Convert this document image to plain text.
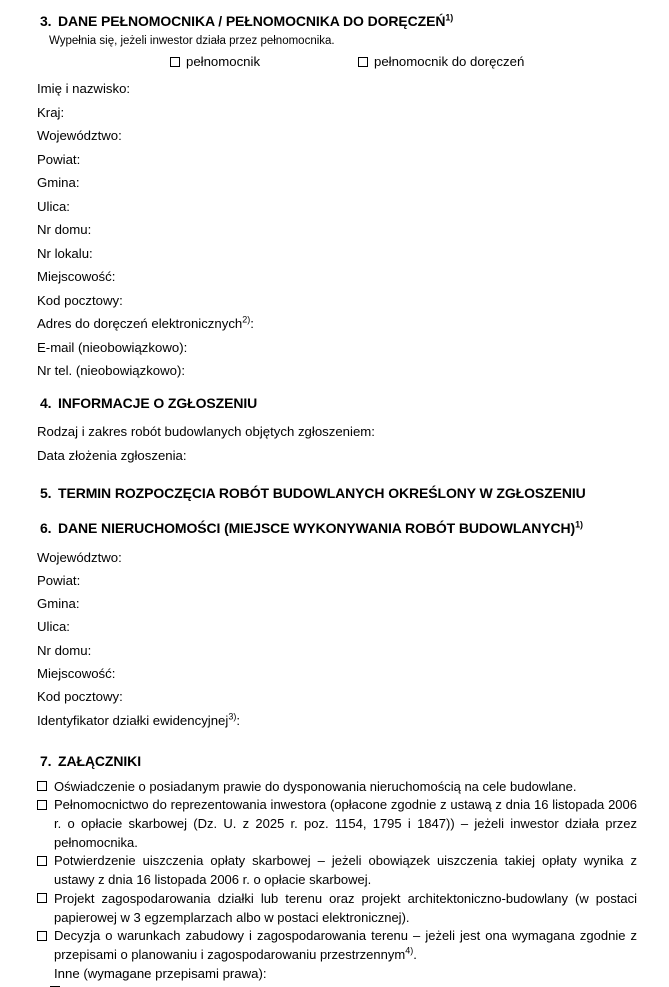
3. DANE PEŁNOMOCNIKA / PEŁNOMOCNIKA DO DORĘCZEŃ$^{1)}$
Wypełnia się, jeżeli inwestor działa przez pełnomocnika.
pełnomocnik	pełnomocnik do doręczeń
Imię i nazwisko:
Kraj:
Województwo:
Powiat:
Gmina:
Ulica:
Nr domu:
Nr lokalu:
Miejscowość:
Kod pocztowy:
Adres do doręczeń elektronicznych$^{2)}$:
E-mail (nieobowiązkowo):
Nr tel. (nieobowiązkowo):
4. INFORMACJE O ZGŁOSZENIU
Rodzaj i zakres robót budowlanych objętych zgłoszeniem:
Data złożenia zgłoszenia:
5. TERMIN ROZPOCZĘCIA ROBÓT BUDOWLANYCH OKREŚLONY W ZGŁOSZENIU
6. DANE NIERUCHOMOŚCI (MIEJSCE WYKONYWANIA ROBÓT BUDOWLANYCH)$^{1)}$
Województwo:
Powiat:
Gmina:
Ulica:
Nr domu:
Miejscowość:
Kod pocztowy:
Identyfikator działki ewidencyjnej$^{3)}$:
7. ZAŁĄCZNIKI
Oświadczenie o posiadanym prawie do dysponowania nieruchomością na cele budowlane.
Pełnomocnictwo do reprezentowania inwestora (opłacone zgodnie z ustawą z dnia 16 listopada 2006 r. o opłacie skarbowej (Dz. U. z 2025 r. poz. 1154, 1795 i 1847)) – jeżeli inwestor działa przez pełnomocnika.
Potwierdzenie uiszczenia opłaty skarbowej – jeżeli obowiązek uiszczenia takiej opłaty wynika z ustawy z dnia 16 listopada 2006 r. o opłacie skarbowej.
Projekt zagospodarowania działki lub terenu oraz projekt architektoniczno-budowlany (w postaci papierowej w 3 egzemplarzach albo w postaci elektronicznej).
Decyzja o warunkach zabudowy i zagospodarowania terenu – jeżeli jest ona wymagana zgodnie z przepisami o planowaniu i zagospodarowaniu przestrzennym$^{4)}$.
Inne (wymagane przepisami prawa):
